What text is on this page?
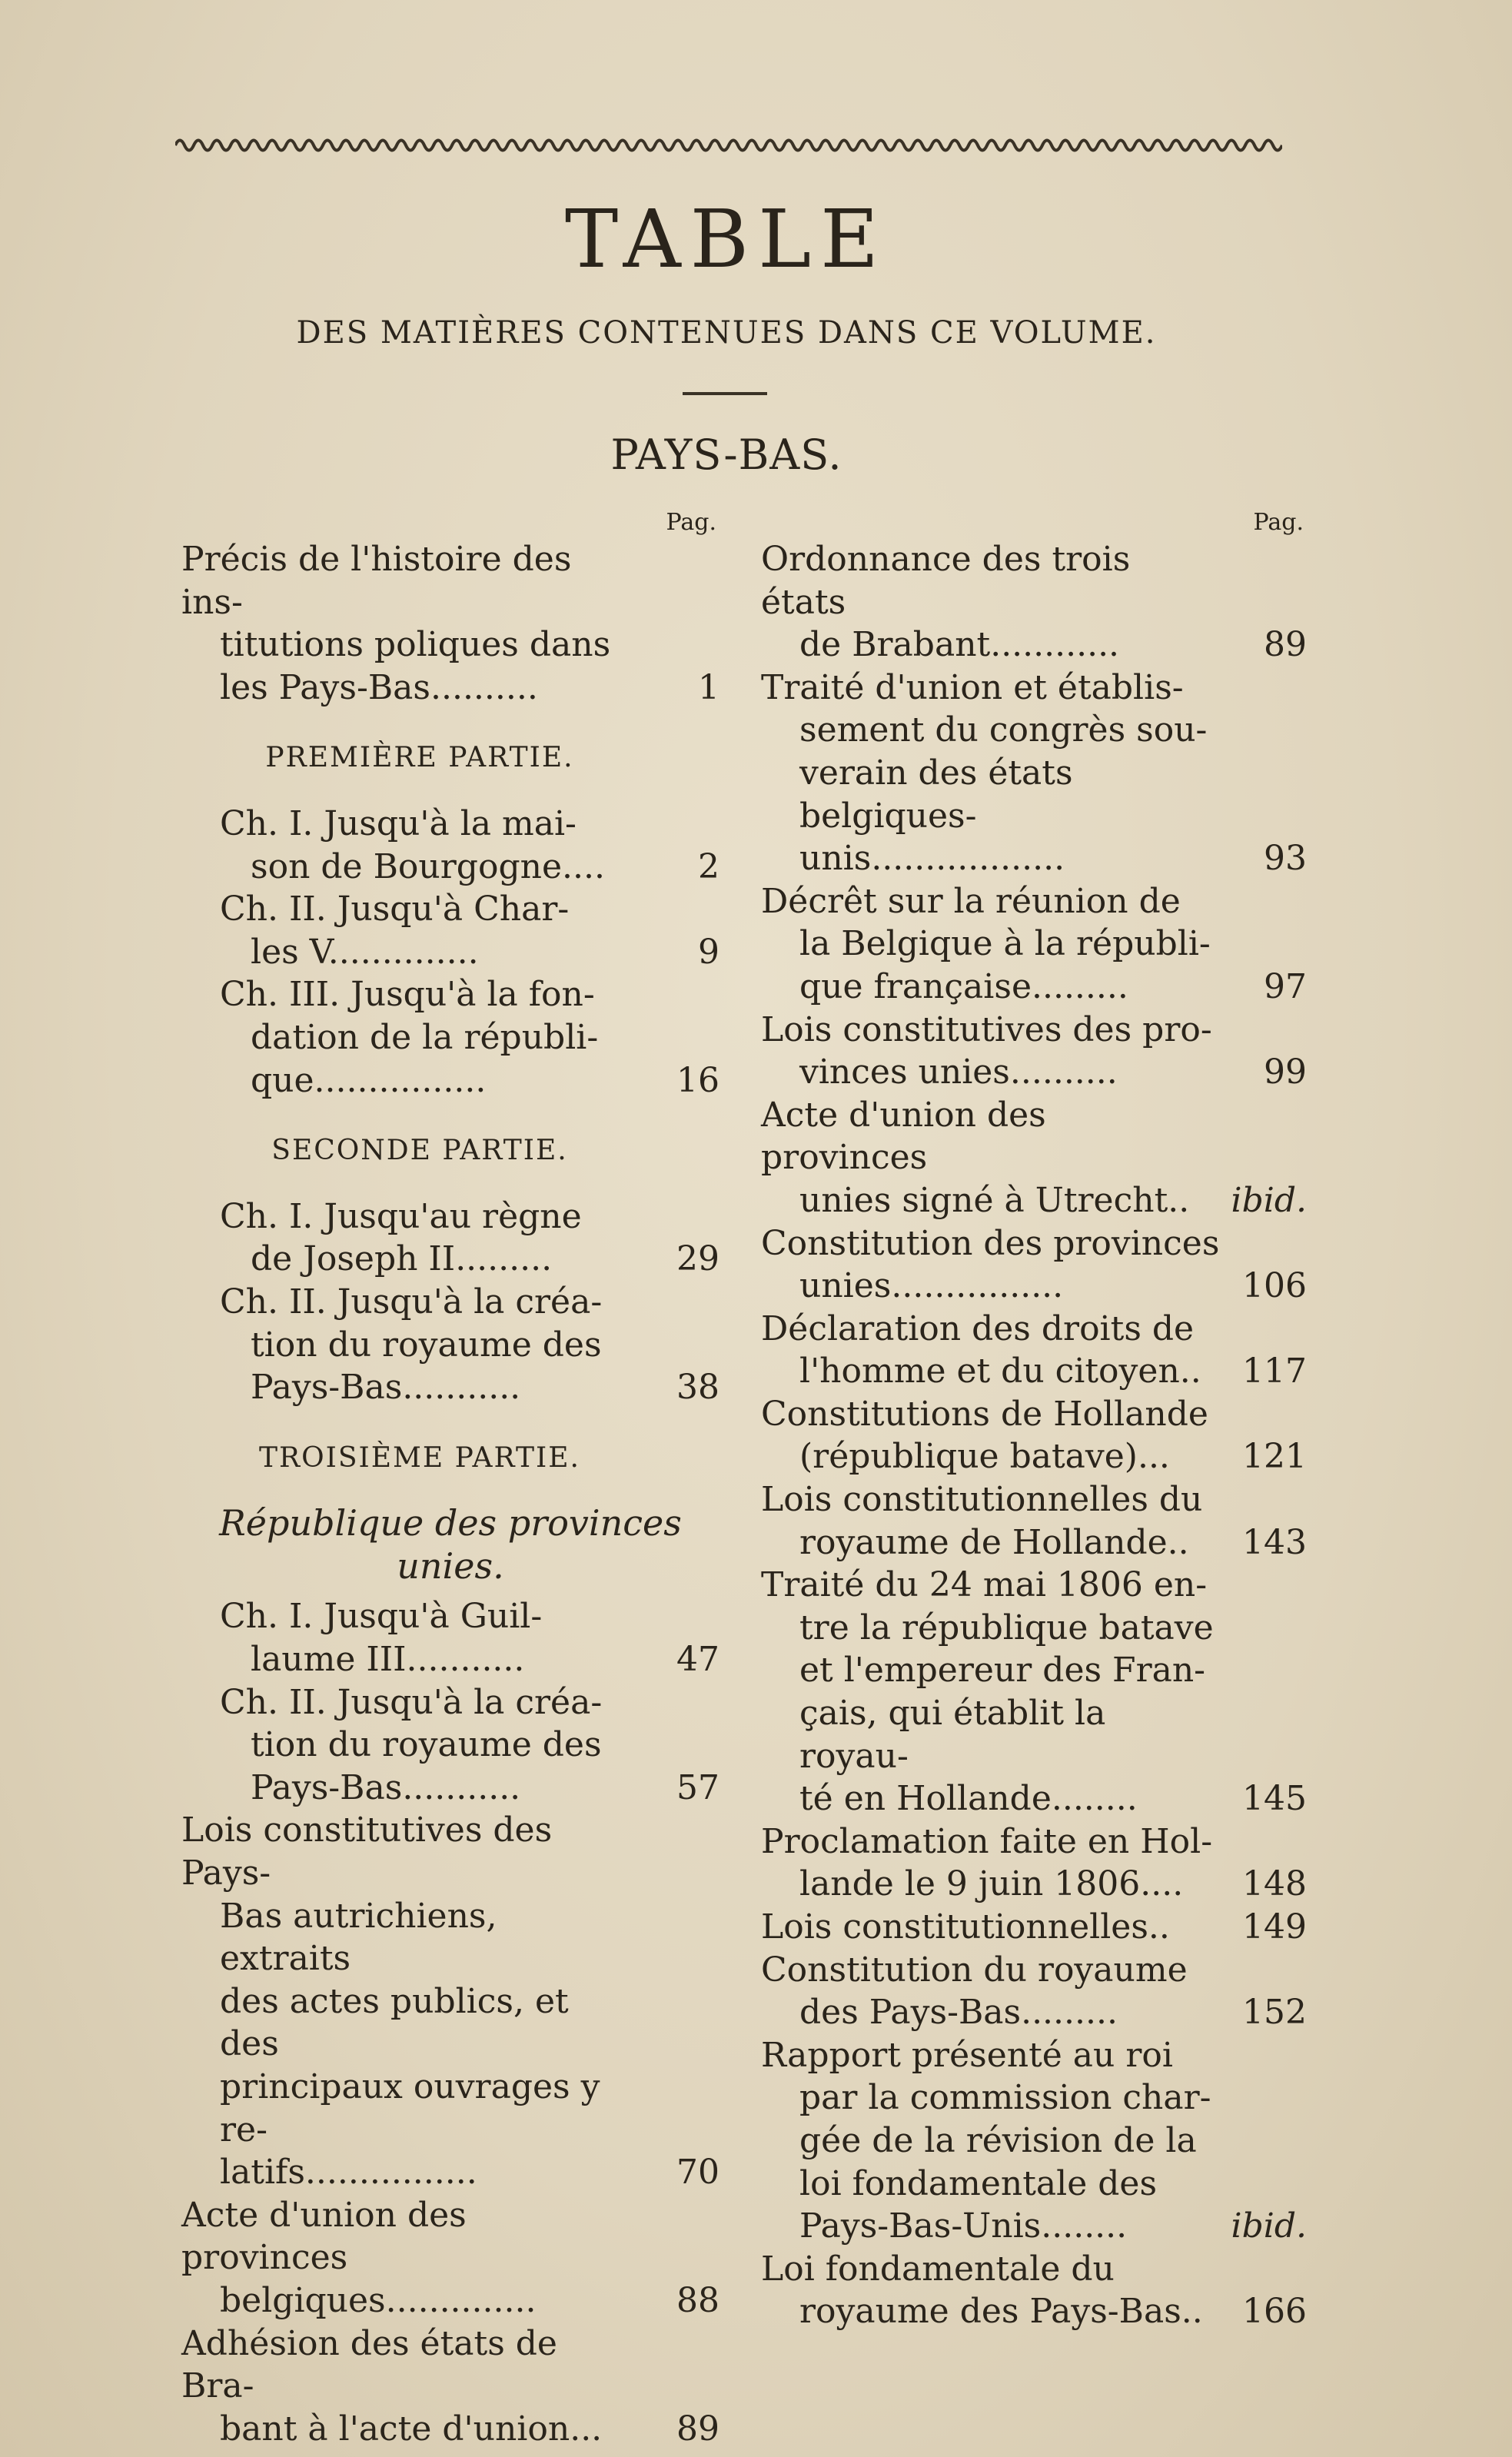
TABLE
DES MATIÈRES CONTENUES DANS CE VOLUME.
PAYS-BAS.
Pag.
Précis de l'histoire des ins-
titutions poliques dans
les Pays-Bas..........	1
PREMIÈRE PARTIE.
Ch. I. Jusqu'à la mai-
son de Bourgogne....	2
Ch. II. Jusqu'à Char-
les V..............	9
Ch. III. Jusqu'à la fon-
dation de la républi-
que................	16
SECONDE PARTIE.
Ch. I. Jusqu'au règne
de Joseph II.........	29
Ch. II. Jusqu'à la créa-
tion du royaume des
Pays-Bas...........	38
TROISIÈME PARTIE.
République des provinces unies.
Ch. I. Jusqu'à Guil-
laume III...........	47
Ch. II. Jusqu'à la créa-
tion du royaume des
Pays-Bas...........	57
Lois constitutives des Pays-
Bas autrichiens, extraits
des actes publics, et des
principaux ouvrages y re-
latifs................	70
Acte d'union des provinces
belgiques..............	88
Adhésion des états de Bra-
bant à l'acte d'union...	89
Pag.
Ordonnance des trois états
de Brabant............	89
Traité d'union et établis-
sement du congrès sou-
verain des états belgiques-
unis..................	93
Décrêt sur la réunion de
la Belgique à la républi-
que française.........	97
Lois constitutives des pro-
vinces unies..........	99
Acte d'union des provinces
unies signé à Utrecht..	ibid.
Constitution des provinces
unies................	106
Déclaration des droits de
l'homme et du citoyen..	117
Constitutions de Hollande
(république batave)...	121
Lois constitutionnelles du
royaume de Hollande..	143
Traité du 24 mai 1806 en-
tre la république batave
et l'empereur des Fran-
çais, qui établit la royau-
té en Hollande........	145
Proclamation faite en Hol-
lande le 9 juin 1806....	148
Lois constitutionnelles..	149
Constitution du royaume
des Pays-Bas.........	152
Rapport présenté au roi
par la commission char-
gée de la révision de la
loi fondamentale des
Pays-Bas-Unis........	ibid.
Loi fondamentale du
royaume des Pays-Bas..	166
